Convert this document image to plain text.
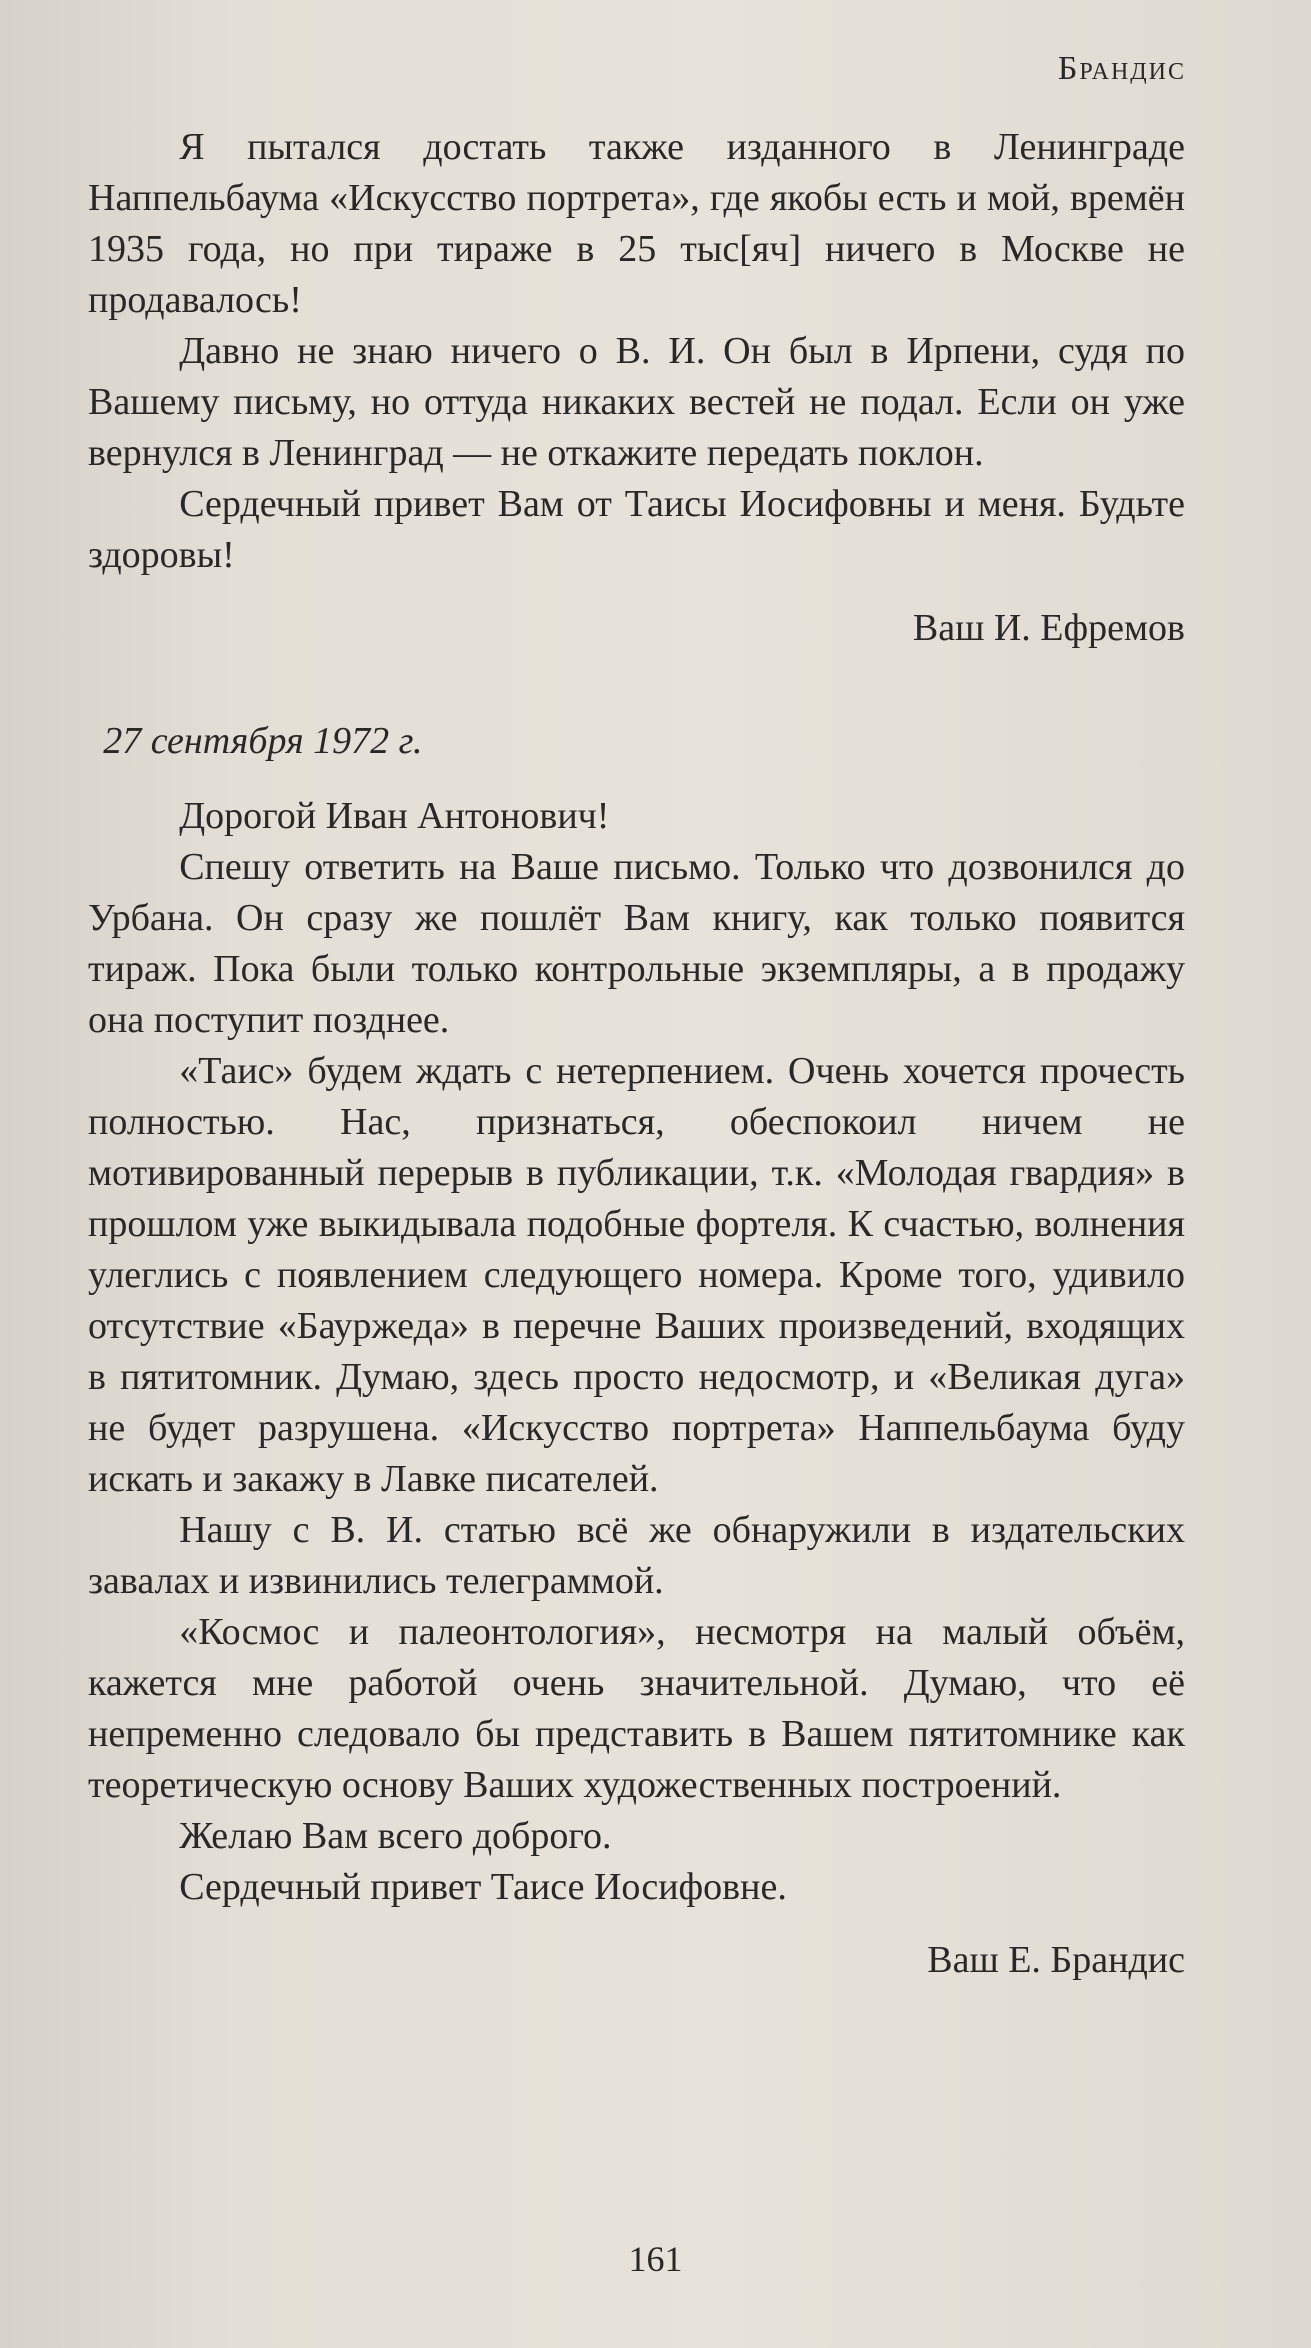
Брандис

Я пытался достать также изданного в Ленинграде Наппельбаума «Искусство портрета», где якобы есть и мой, времён 1935 года, но при тираже в 25 тыс[яч] ничего в Москве не продавалось!

Давно не знаю ничего о В. И. Он был в Ирпени, судя по Вашему письму, но оттуда никаких вестей не подал. Если он уже вернулся в Ленинград — не откажите передать поклон.

Сердечный привет Вам от Таисы Иосифовны и меня. Будьте здоровы!

Ваш И. Ефремов

27 сентября 1972 г.

Дорогой Иван Антонович!

Спешу ответить на Ваше письмо. Только что дозвонился до Урбана. Он сразу же пошлёт Вам книгу, как только появится тираж. Пока были только контрольные экземпляры, а в продажу она поступит позднее.

«Таис» будем ждать с нетерпением. Очень хочется прочесть полностью. Нас, признаться, обеспокоил ничем не мотивированный перерыв в публикации, т.к. «Молодая гвардия» в прошлом уже выкидывала подобные фортеля. К счастью, волнения улеглись с появлением следующего номера. Кроме того, удивило отсутствие «Бауржеда» в перечне Ваших произведений, входящих в пятитомник. Думаю, здесь просто недосмотр, и «Великая дуга» не будет разрушена. «Искусство портрета» Наппельбаума буду искать и закажу в Лавке писателей.

Нашу с В. И. статью всё же обнаружили в издательских завалах и извинились телеграммой.

«Космос и палеонтология», несмотря на малый объём, кажется мне работой очень значительной. Думаю, что её непременно следовало бы представить в Вашем пятитомнике как теоретическую основу Ваших художественных построений.

Желаю Вам всего доброго.

Сердечный привет Таисе Иосифовне.

Ваш Е. Брандис

161
